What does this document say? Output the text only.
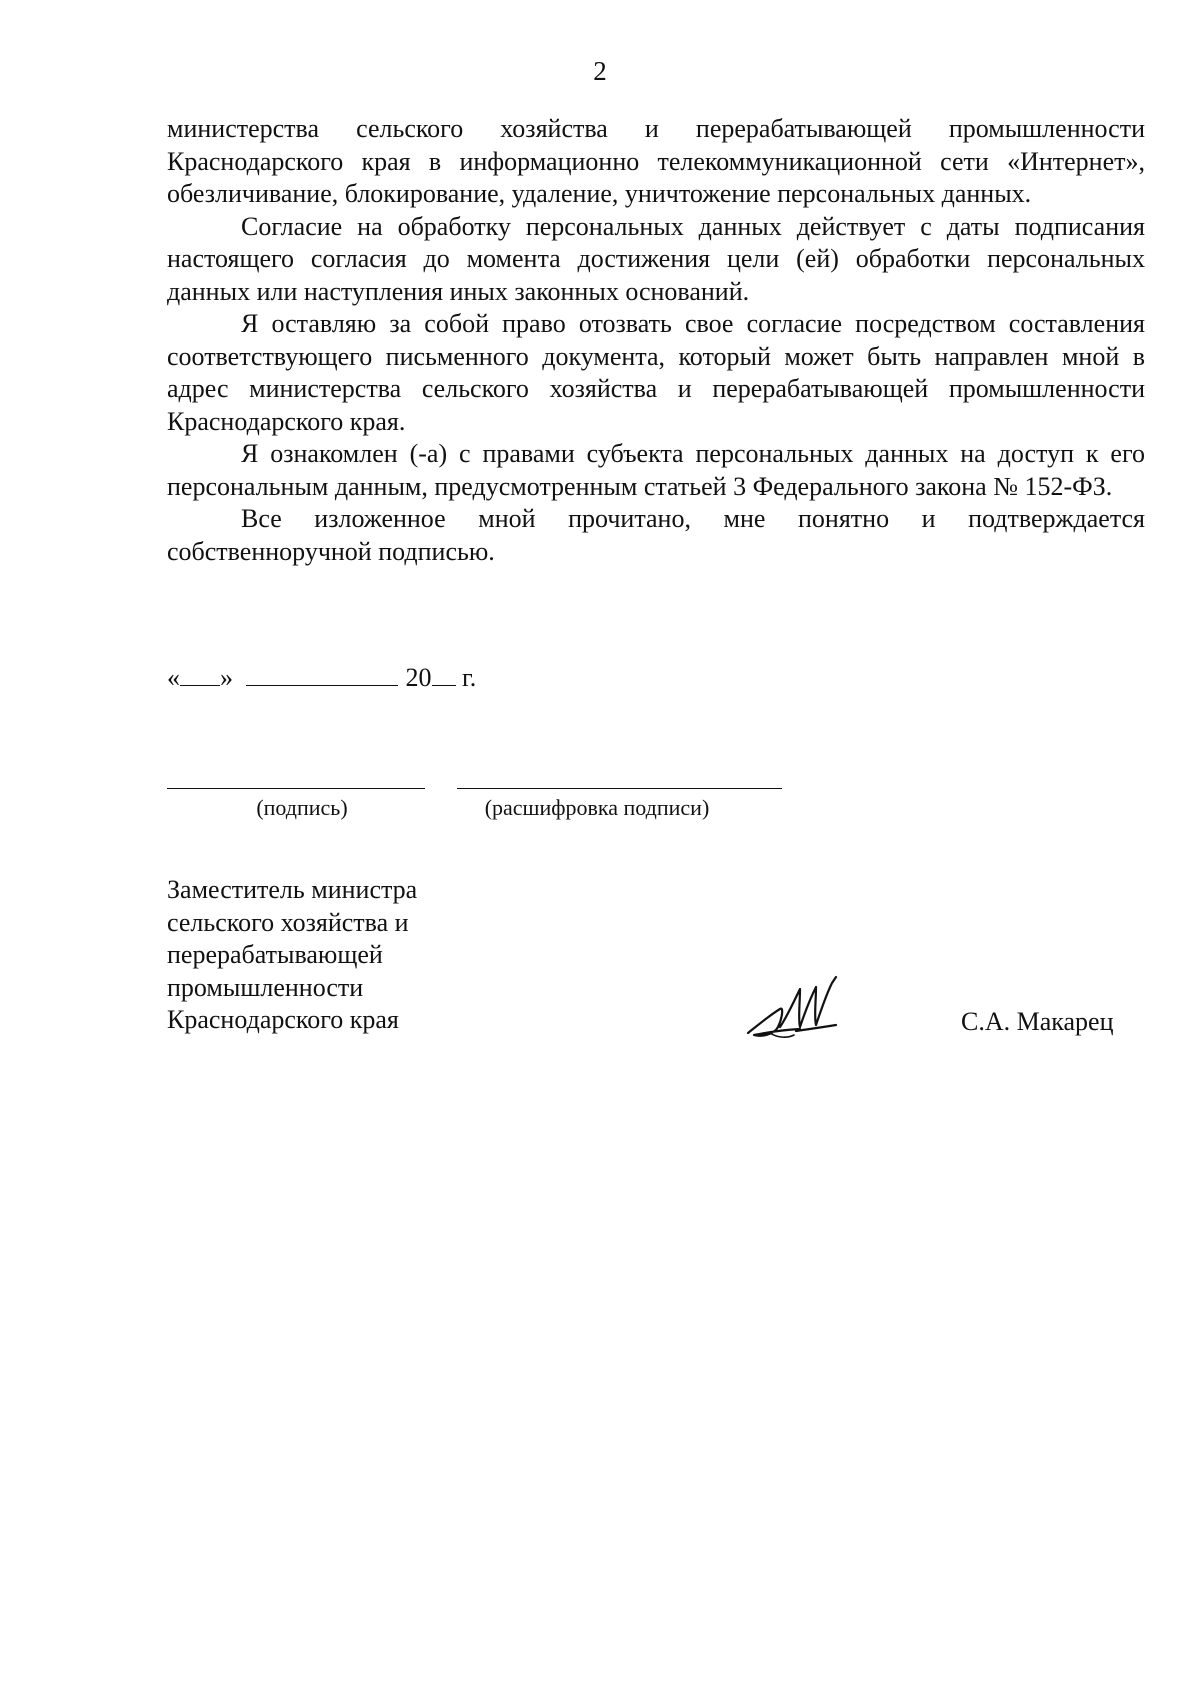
2

министерства сельского хозяйства и перерабатывающей промышленности Краснодарского края в информационно телекоммуникационной сети «Интернет», обезличивание, блокирование, удаление, уничтожение персональных данных.

Согласие на обработку персональных данных действует с даты подписания настоящего согласия до момента достижения цели (ей) обработки персональных данных или наступления иных законных оснований.

Я оставляю за собой право отозвать свое согласие посредством составления соответствующего письменного документа, который может быть направлен мной в адрес министерства сельского хозяйства и перерабатывающей промышленности Краснодарского края.

Я ознакомлен (-а) с правами субъекта персональных данных на доступ к его персональным данным, предусмотренным статьей 3 Федерального закона № 152-ФЗ.

Все изложенное мной прочитано, мне понятно и подтверждается собственноручной подписью.

« »	20 г.
(подпись)	(расшифровка подписи)
Заместитель министра
сельского хозяйства и
перерабатывающей
промышленности
Краснодарского края	С.А. Макарец
